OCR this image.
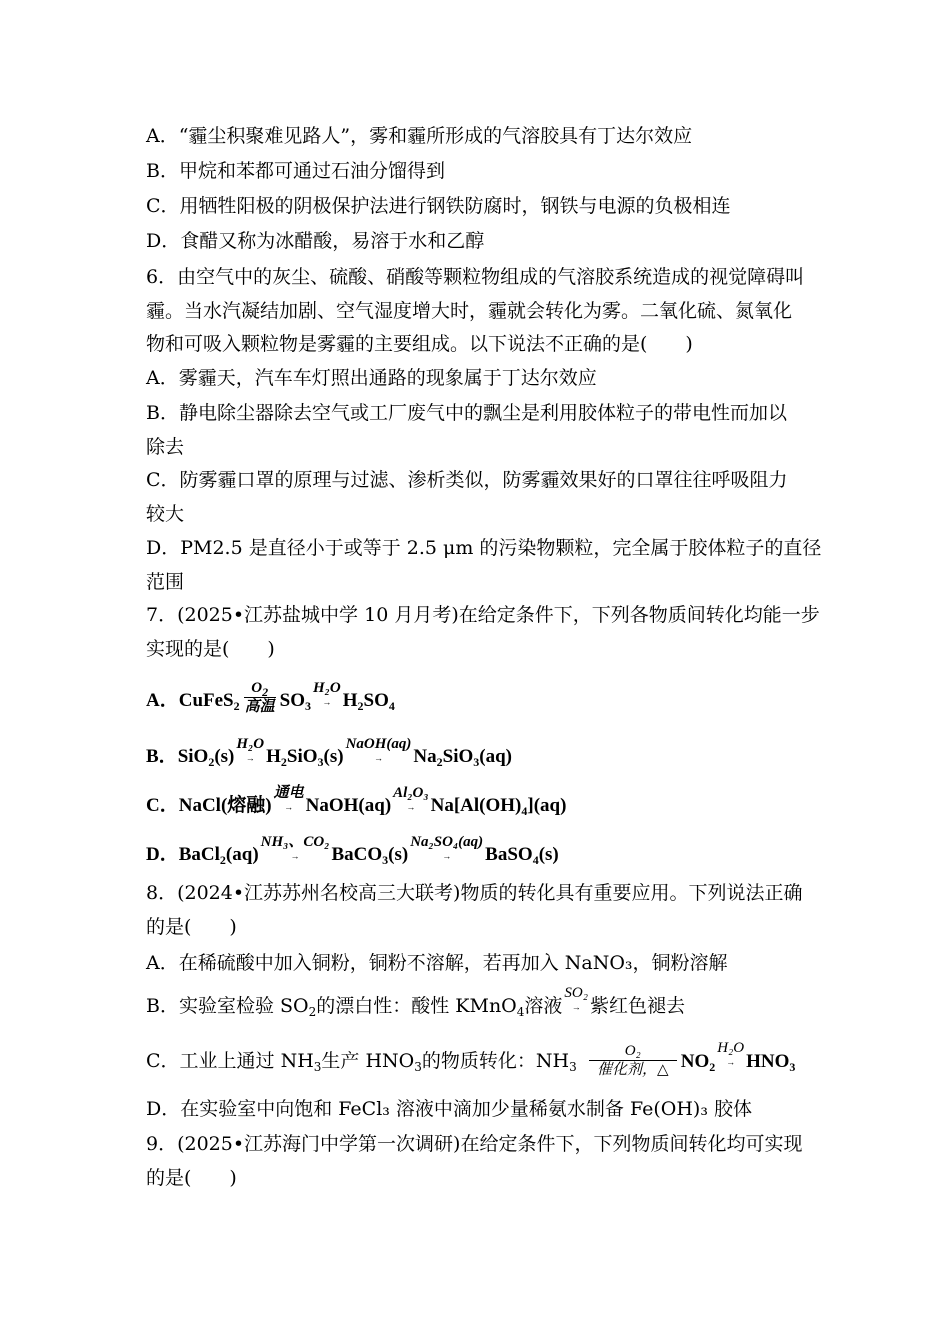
A．“霾尘积聚难见路人”，雾和霾所形成的气溶胶具有丁达尔效应
B．甲烷和苯都可通过石油分馏得到
C．用牺牲阳极的阴极保护法进行钢铁防腐时，钢铁与电源的负极相连
D．食醋又称为冰醋酸，易溶于水和乙醇
6．由空气中的灰尘、硫酸、硝酸等颗粒物组成的气溶胶系统造成的视觉障碍叫
霾。当水汽凝结加剧、空气湿度增大时，霾就会转化为雾。二氧化硫、氮氧化
物和可吸入颗粒物是雾霾的主要组成。以下说法不正确的是(　　)
A．雾霾天，汽车车灯照出通路的现象属于丁达尔效应
B．静电除尘器除去空气或工厂废气中的飘尘是利用胶体粒子的带电性而加以
除去
C．防雾霾口罩的原理与过滤、渗析类似，防雾霾效果好的口罩往往呼吸阻力
较大
D．PM2.5 是直径小于或等于 2.5 μm 的污染物颗粒，完全属于胶体粒子的直径
范围
7．(2025•江苏盐城中学 10 月月考)在给定条件下，下列各物质间转化均能一步
实现的是(　　)
A．CuFeS$_2$
$O_2$
高温 $SO_3$
H₂O
→ $H_2SO_4$
B．SiO$_2$(s)
H₂O
→ $H_2SiO_3(s)$
NaOH(aq)
→	$Na_2SiO_3(aq)$
C．NaCl(熔融)
通电
→ NaOH(aq)
Al₂O₃
→ $Na[Al(OH)_4](aq)$
D．BaCl$_2$(aq)
NH₃、CO₂
→	BaCO$_3$(s)
Na₂SO₄(aq)
→	BaSO$_4$(s)
8．(2024•江苏苏州名校高三大联考)物质的转化具有重要应用。下列说法正确
的是(　　)
A．在稀硫酸中加入铜粉，铜粉不溶解，若再加入 NaNO₃，铜粉溶解
B．实验室检验 $SO_2$的漂白性：酸性 KMnO$_4$溶液
SO₂
→ 紫红色褪去
C．工业上通过 $NH_3$生产 $HNO_3$的物质转化：$NH_3$
O₂
催化剂，△ $NO_2$
H₂O
→ $HNO_3$
D．在实验室中向饱和 FeCl₃ 溶液中滴加少量稀氨水制备 Fe(OH)₃ 胶体
9．(2025•江苏海门中学第一次调研)在给定条件下，下列物质间转化均可实现
的是(　　)
